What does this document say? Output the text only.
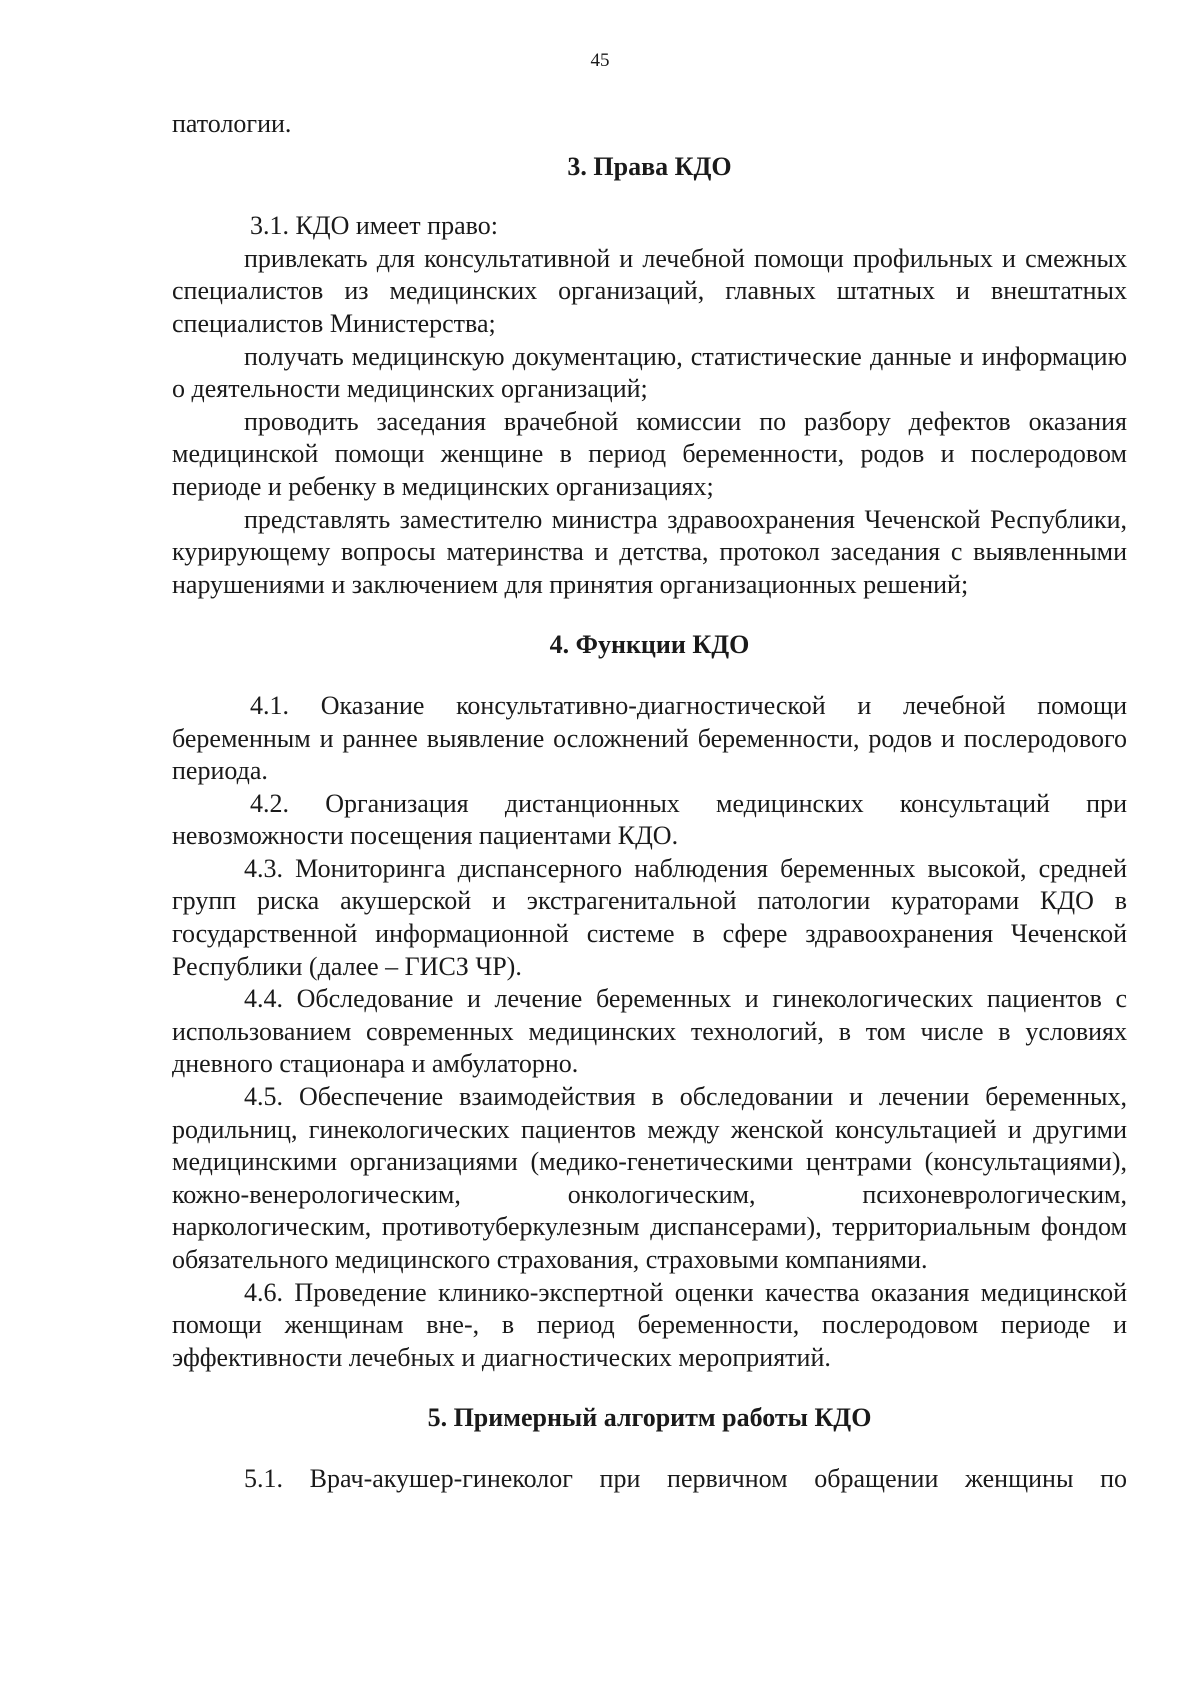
45

патологии.

3. Права КДО

3.1. КДО имеет право:

привлекать для консультативной и лечебной помощи профильных и смежных специалистов из медицинских организаций, главных штатных и внештатных специалистов Министерства;

получать медицинскую документацию, статистические данные и информацию о деятельности медицинских организаций;

проводить заседания врачебной комиссии по разбору дефектов оказания медицинской помощи женщине в период беременности, родов и послеродовом периоде и ребенку в медицинских организациях;

представлять заместителю министра здравоохранения Чеченской Республики, курирующему вопросы материнства и детства, протокол заседания с выявленными нарушениями и заключением для принятия организационных решений;

4. Функции КДО

4.1. Оказание консультативно-диагностической и лечебной помощи беременным и раннее выявление осложнений беременности, родов и послеродового периода.

4.2. Организация дистанционных медицинских консультаций при невозможности посещения пациентами КДО.

4.3. Мониторинга диспансерного наблюдения беременных высокой, средней групп риска акушерской и экстрагенитальной патологии кураторами КДО в государственной информационной системе в сфере здравоохранения Чеченской Республики (далее – ГИСЗ ЧР).

4.4. Обследование и лечение беременных и гинекологических пациентов с использованием современных медицинских технологий, в том числе в условиях дневного стационара и амбулаторно.

4.5. Обеспечение взаимодействия в обследовании и лечении беременных, родильниц, гинекологических пациентов между женской консультацией и другими медицинскими организациями (медико-генетическими центрами (консультациями), кожно-венерологическим, онкологическим, психоневрологическим, наркологическим, противотуберкулезным диспансерами), территориальным фондом обязательного медицинского страхования, страховыми компаниями.

4.6. Проведение клинико-экспертной оценки качества оказания медицинской помощи женщинам вне-, в период беременности, послеродовом периоде и эффективности лечебных и диагностических мероприятий.

5. Примерный алгоритм работы КДО

5.1. Врач-акушер-гинеколог при первичном обращении женщины по
